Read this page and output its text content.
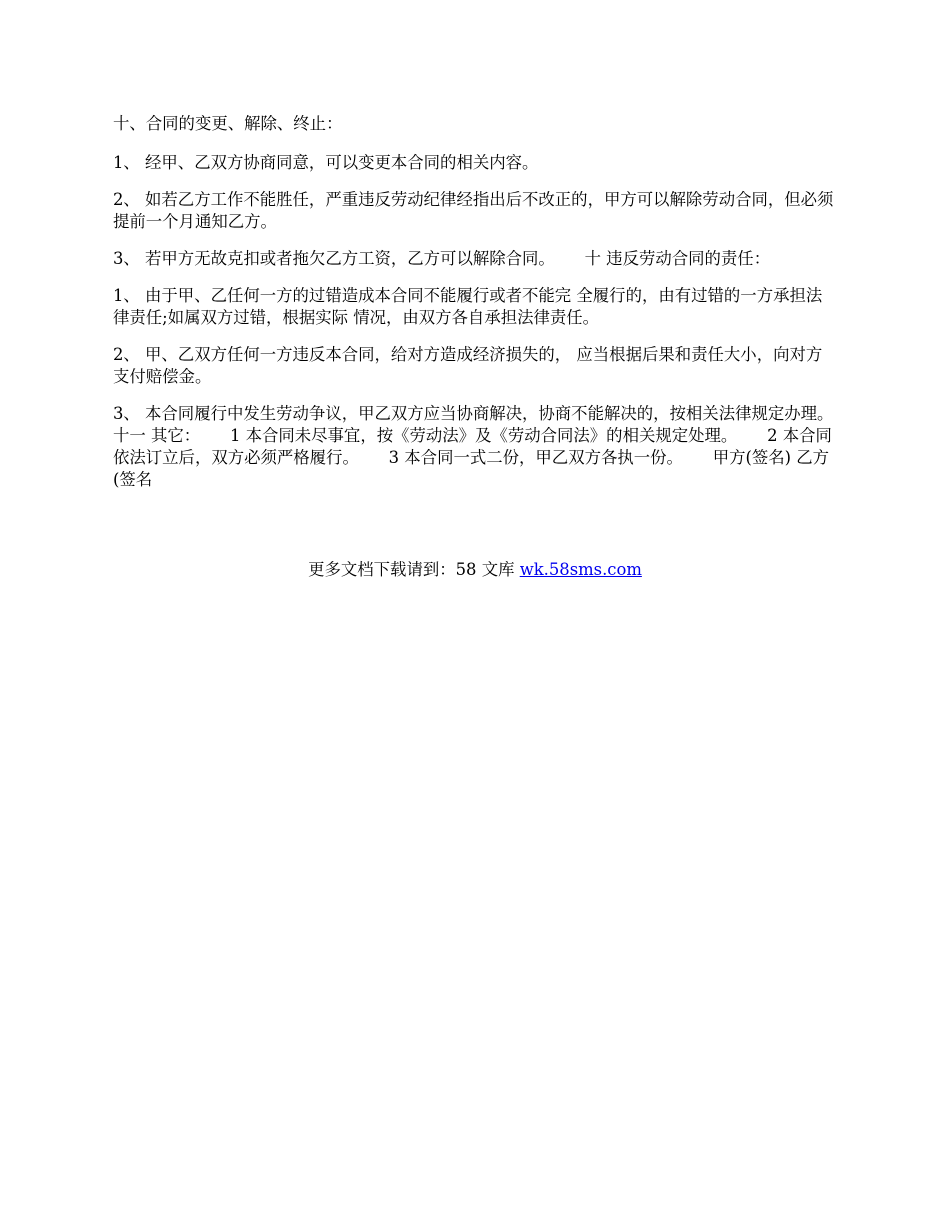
十、合同的变更、解除、终止：

1、 经甲、乙双方协商同意，可以变更本合同的相关内容。

2、 如若乙方工作不能胜任，严重违反劳动纪律经指出后不改正的，甲方可以解除劳动合同，但必须提前一个月通知乙方。

3、 若甲方无故克扣或者拖欠乙方工资，乙方可以解除合同。　　 十 违反劳动合同的责任：

1、 由于甲、乙任何一方的过错造成本合同不能履行或者不能完 全履行的，由有过错的一方承担法律责任;如属双方过错，根据实际 情况，由双方各自承担法律责任。

2、 甲、乙双方任何一方违反本合同，给对方造成经济损失的， 应当根据后果和责任大小，向对方支付赔偿金。

3、 本合同履行中发生劳动争议，甲乙双方应当协商解决，协商不能解决的，按相关法律规定办理。　　 十一 其它：　　 1 本合同未尽事宜，按《劳动法》及《劳动合同法》的相关规定处理。　　 2 本合同依法订立后，双方必须严格履行。　　 3 本合同一式二份，甲乙双方各执一份。　　 甲方(签名) 乙方(签名

更多文档下载请到：58 文库 wk.58sms.com
